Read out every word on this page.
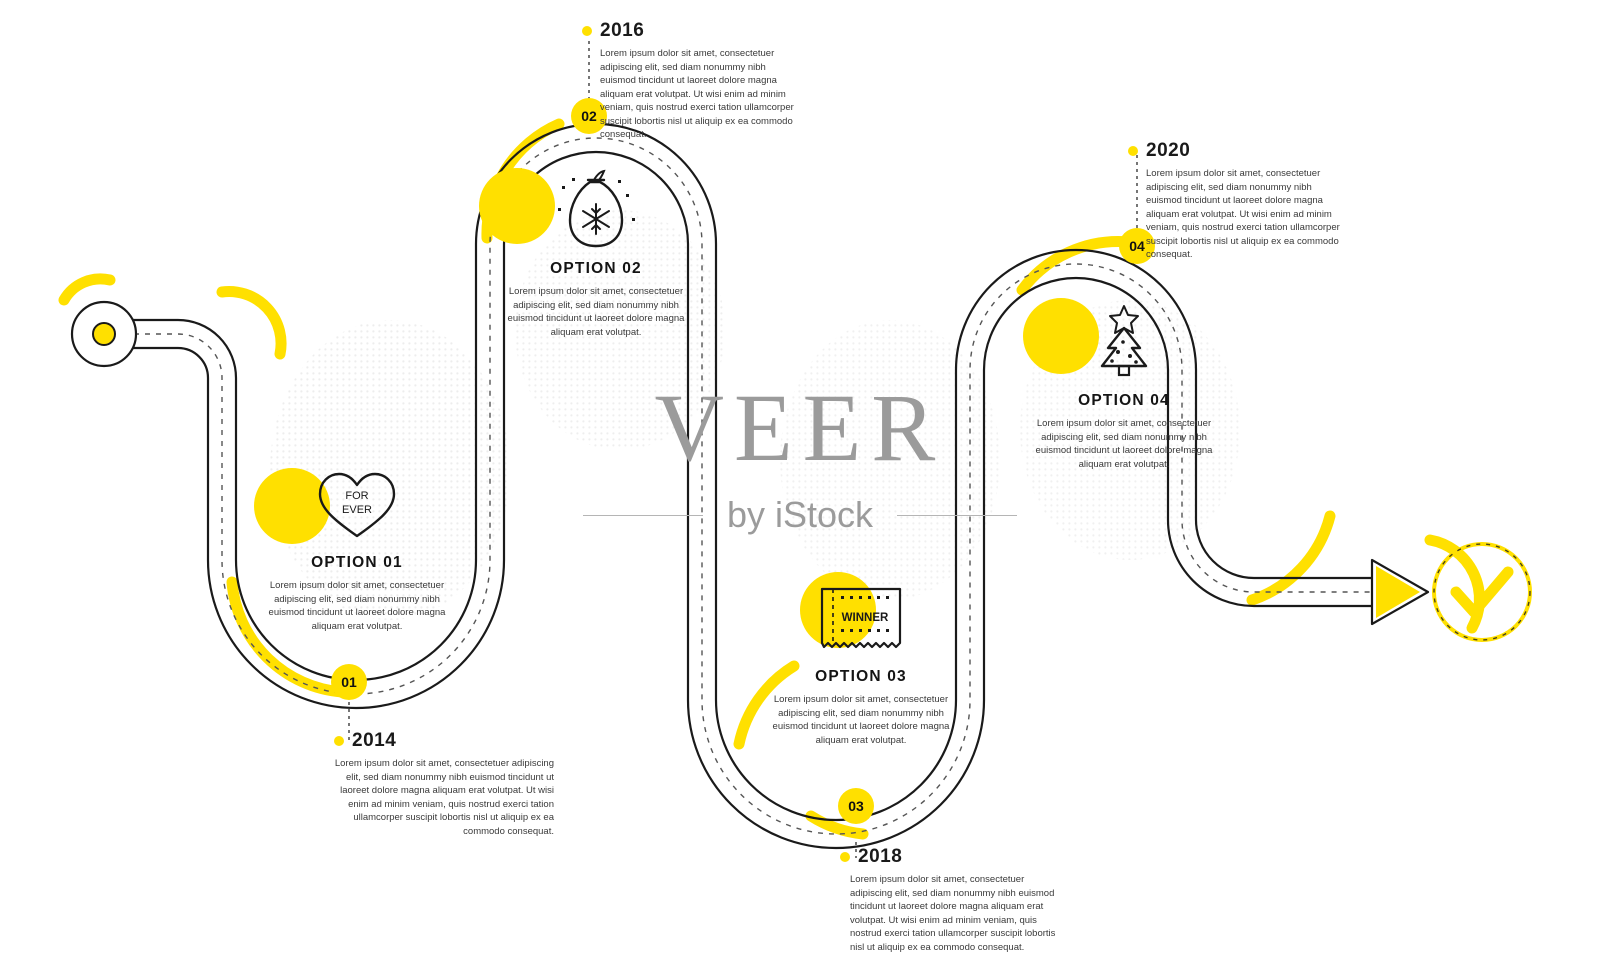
01
02
03
04
2014
Lorem ipsum dolor sit amet, consectetuer adipiscing elit, sed diam nonummy nibh euismod tincidunt ut laoreet dolore magna aliquam erat volutpat. Ut wisi enim ad minim veniam, quis nostrud exerci tation ullamcorper suscipit lobortis nisl ut aliquip ex ea commodo consequat.
2016
Lorem ipsum dolor sit amet, consectetuer adipiscing elit, sed diam nonummy nibh euismod tincidunt ut laoreet dolore magna aliquam erat volutpat. Ut wisi enim ad minim veniam, quis nostrud exerci tation ullamcorper suscipit lobortis nisl ut aliquip ex ea commodo consequat.
2018
Lorem ipsum dolor sit amet, consectetuer adipiscing elit, sed diam nonummy nibh euismod tincidunt ut laoreet dolore magna aliquam erat volutpat. Ut wisi enim ad minim veniam, quis nostrud exerci tation ullamcorper suscipit lobortis nisl ut aliquip ex ea commodo consequat.
2020
Lorem ipsum dolor sit amet, consectetuer adipiscing elit, sed diam nonummy nibh euismod tincidunt ut laoreet dolore magna aliquam erat volutpat. Ut wisi enim ad minim veniam, quis nostrud exerci tation ullamcorper suscipit lobortis nisl ut aliquip ex ea commodo consequat.
FOR
EVER
OPTION 01
Lorem ipsum dolor sit amet, consectetuer adipiscing elit, sed diam nonummy nibh euismod tincidunt ut laoreet dolore magna aliquam erat volutpat.
OPTION 02
Lorem ipsum dolor sit amet, consectetuer adipiscing elit, sed diam nonummy nibh euismod tincidunt ut laoreet dolore magna aliquam erat volutpat.
WINNER
OPTION 03
Lorem ipsum dolor sit amet, consectetuer adipiscing elit, sed diam nonummy nibh euismod tincidunt ut laoreet dolore magna aliquam erat volutpat.
OPTION 04
Lorem ipsum dolor sit amet, consectetuer adipiscing elit, sed diam nonummy nibh euismod tincidunt ut laoreet dolore magna aliquam erat volutpat.
VEER
by iStock
